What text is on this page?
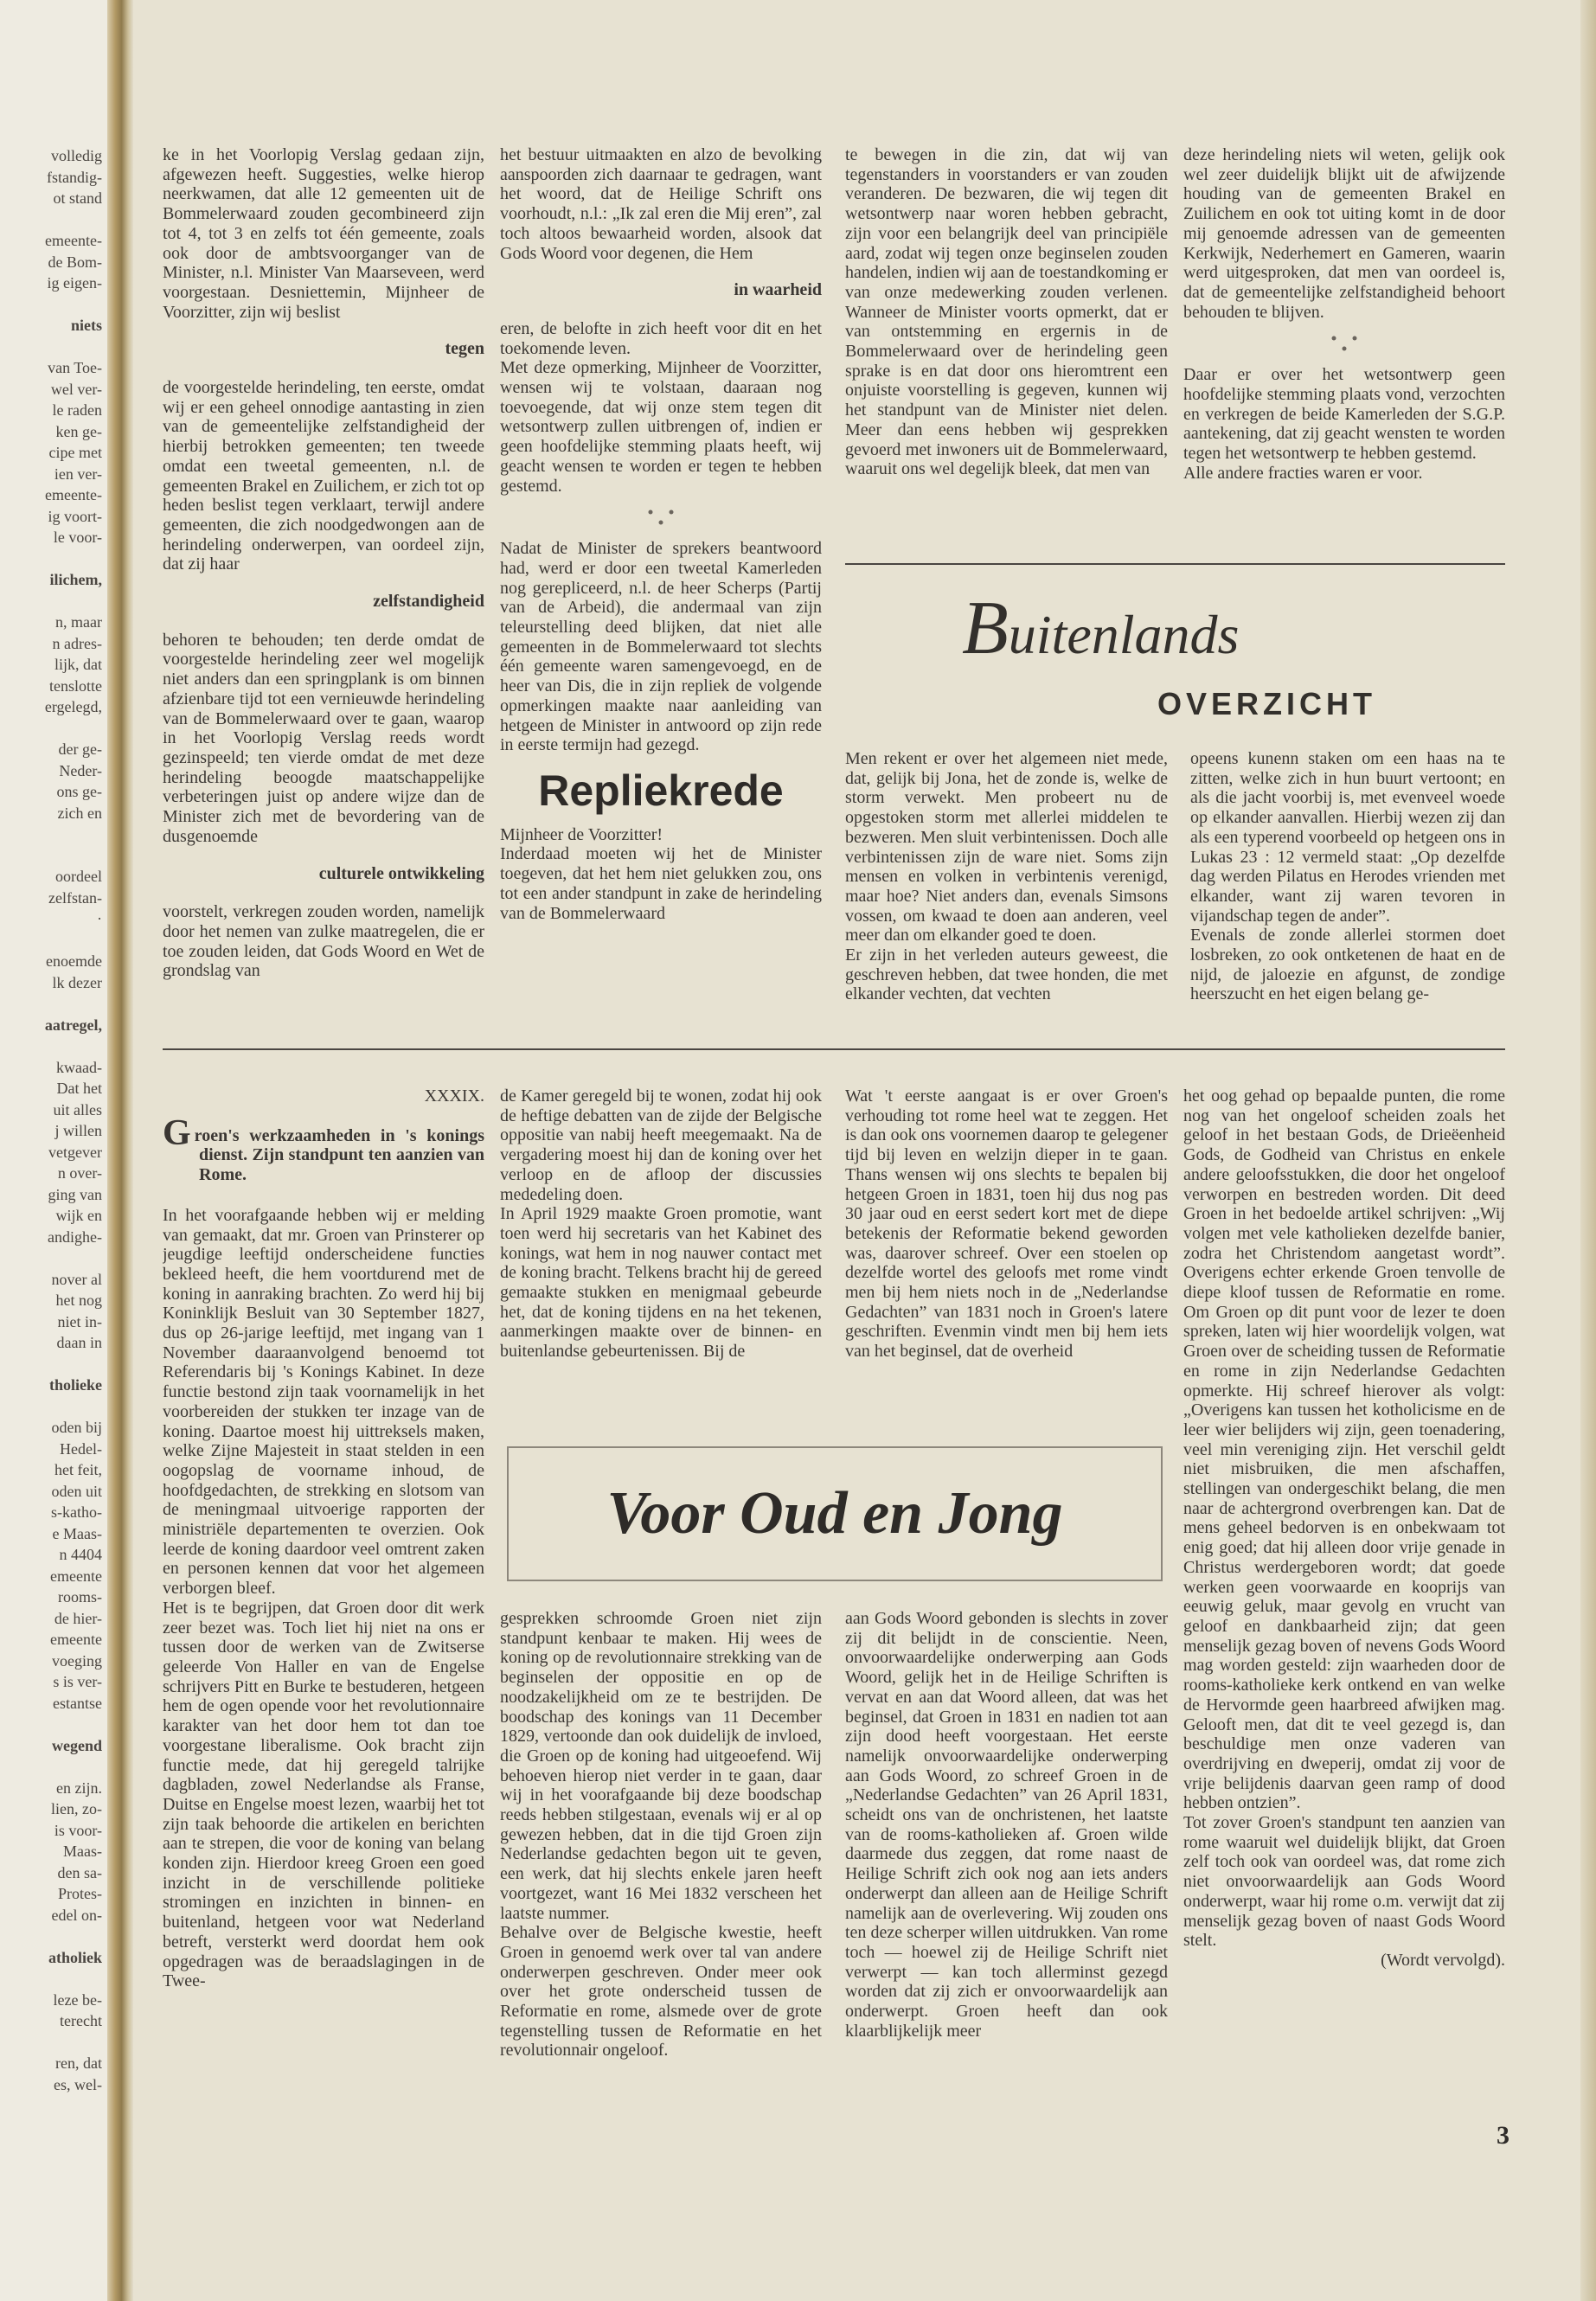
volledig
fstandig-
ot stand
emeente-
de Bom-
ig eigen-
niets
van Toe-
wel ver-
le raden
ken ge-
cipe met
ien ver-
emeente-
ig voort-
le voor-
ilichem,
n, maar
n adres-
lijk, dat
tenslotte
ergelegd,
der ge-
Neder-
ons ge-
zich en
oordeel
zelfstan-
·
enoemde
lk dezer
aatregel,
kwaad-
Dat het
uit alles
j willen
vetgever
n over-
ging van
wijk en
andighe-
nover al
het nog
niet in-
daan in
tholieke
oden bij
Hedel-
het feit,
oden uit
s-katho-
e Maas-
n 4404
emeente
rooms-
de hier-
emeente
voeging
s is ver-
estantse
wegend
en zijn.
lien, zo-
is voor-
Maas-
den sa-
Protes-
edel on-
atholiek
leze be-
terecht
ren, dat
es, wel-

ke in het Voorlopig Verslag gedaan zijn, afgewezen heeft. Suggesties, welke hierop neerkwamen, dat alle 12 gemeenten uit de Bommelerwaard zouden gecombineerd zijn tot 4, tot 3 en zelfs tot één gemeente, zoals ook door de ambtsvoorganger van de Minister, n.l. Minister Van Maarseveen, werd voorgestaan. Desniettemin, Mijnheer de Voorzitter, zijn wij beslist

tegen

de voorgestelde herindeling, ten eerste, omdat wij er een geheel onnodige aantasting in zien van de gemeentelijke zelfstandigheid der hierbij betrokken gemeenten; ten tweede omdat een tweetal gemeenten, n.l. de gemeenten Brakel en Zuilichem, er zich tot op heden beslist tegen verklaart, terwijl andere gemeenten, die zich noodgedwongen aan de herindeling onderwerpen, van oordeel zijn, dat zij haar

zelfstandigheid

behoren te behouden; ten derde omdat de voorgestelde herindeling zeer wel mogelijk niet anders dan een springplank is om binnen afzienbare tijd tot een vernieuwde herindeling van de Bommelerwaard over te gaan, waarop in het Voorlopig Verslag reeds wordt gezinspeeld; ten vierde omdat de met deze herindeling beoogde maatschappelijke verbeteringen juist op andere wijze dan de Minister zich met de bevordering van de dusgenoemde

culturele ontwikkeling

voorstelt, verkregen zouden worden, namelijk door het nemen van zulke maatregelen, die er toe zouden leiden, dat Gods Woord en Wet de grondslag van

het bestuur uitmaakten en alzo de bevolking aanspoorden zich daarnaar te gedragen, want het woord, dat de Heilige Schrift ons voorhoudt, n.l.: „Ik zal eren die Mij eren”, zal toch altoos bewaarheid worden, alsook dat Gods Woord voor degenen, die Hem

in waarheid

eren, de belofte in zich heeft voor dit en het toekomende leven.

Met deze opmerking, Mijnheer de Voorzitter, wensen wij te volstaan, daaraan nog toevoegende, dat wij onze stem tegen dit wetsontwerp zullen uitbrengen of, indien er geen hoofdelijke stemming plaats heeft, wij geacht wensen te worden er tegen te hebben gestemd.

Nadat de Minister de sprekers beantwoord had, werd er door een tweetal Kamerleden nog gerepliceerd, n.l. de heer Scherps (Partij van de Arbeid), die andermaal van zijn teleurstelling deed blijken, dat niet alle gemeenten in de Bommelerwaard tot slechts één gemeente waren samengevoegd, en de heer van Dis, die in zijn repliek de volgende opmerkingen maakte naar aanleiding van hetgeen de Minister in antwoord op zijn rede in eerste termijn had gezegd.

Repliekrede

Mijnheer de Voorzitter!

Inderdaad moeten wij het de Minister toegeven, dat het hem niet gelukken zou, ons tot een ander standpunt in zake de herindeling van de Bommelerwaard

te bewegen in die zin, dat wij van tegenstanders in voorstanders er van zouden veranderen. De bezwaren, die wij tegen dit wetsontwerp naar woren hebben gebracht, zijn voor een belangrijk deel van principiële aard, zodat wij tegen onze beginselen zouden handelen, indien wij aan de toestandkoming er van onze medewerking zouden verlenen. Wanneer de Minister voorts opmerkt, dat er van ontstemming en ergernis in de Bommelerwaard over de herindeling geen sprake is en dat door ons hieromtrent een onjuiste voorstelling is gegeven, kunnen wij het standpunt van de Minister niet delen. Meer dan eens hebben wij gesprekken gevoerd met inwoners uit de Bommelerwaard, waaruit ons wel degelijk bleek, dat men van

deze herindeling niets wil weten, gelijk ook wel zeer duidelijk blijkt uit de afwijzende houding van de gemeenten Brakel en Zuilichem en ook tot uiting komt in de door mij genoemde adressen van de gemeenten Kerkwijk, Nederhemert en Gameren, waarin werd uitgesproken, dat men van oordeel is, dat de gemeentelijke zelfstandigheid behoort behouden te blijven.

Daar er over het wetsontwerp geen hoofdelijke stemming plaats vond, verzochten en verkregen de beide Kamerleden der S.G.P. aantekening, dat zij geacht wensten te worden tegen het wetsontwerp te hebben gestemd.

Alle andere fracties waren er voor.

Buitenlands
OVERZICHT

Men rekent er over het algemeen niet mede, dat, gelijk bij Jona, het de zonde is, welke de storm verwekt. Men probeert nu de opgestoken storm met allerlei middelen te bezweren. Men sluit verbintenissen. Doch alle verbintenissen zijn de ware niet. Soms zijn mensen en volken in verbintenis verenigd, maar hoe? Niet anders dan, evenals Simsons vossen, om kwaad te doen aan anderen, veel meer dan om elkander goed te doen.

Er zijn in het verleden auteurs geweest, die geschreven hebben, dat twee honden, die met elkander vechten, dat vechten

opeens kunenn staken om een haas na te zitten, welke zich in hun buurt vertoont; en als die jacht voorbij is, met evenveel woede op elkander aanvallen. Hierbij wezen zij dan als een typerend voorbeeld op hetgeen ons in Lukas 23 : 12 vermeld staat: „Op dezelfde dag werden Pilatus en Herodes vrienden met elkander, want zij waren tevoren in vijandschap tegen de ander”.

Evenals de zonde allerlei stormen doet losbreken, zo ook ontketenen de haat en de nijd, de jaloezie en afgunst, de zondige heerszucht en het eigen belang ge-

XXXIX.

Groen's werkzaamheden in 's konings dienst. Zijn standpunt ten aanzien van Rome.

In het voorafgaande hebben wij er melding van gemaakt, dat mr. Groen van Prinsterer op jeugdige leeftijd onderscheidene functies bekleed heeft, die hem voortdurend met de koning in aanraking brachten. Zo werd hij bij Koninklijk Besluit van 30 September 1827, dus op 26-jarige leeftijd, met ingang van 1 November daaraanvolgend benoemd tot Referendaris bij 's Konings Kabinet. In deze functie bestond zijn taak voornamelijk in het voorbereiden der stukken ter inzage van de koning. Daartoe moest hij uittreksels maken, welke Zijne Majesteit in staat stelden in een oogopslag de voorname inhoud, de hoofdgedachten, de strekking en slotsom van de meningmaal uitvoerige rapporten der ministriële departementen te overzien. Ook leerde de koning daardoor veel omtrent zaken en personen kennen dat voor het algemeen verborgen bleef.

Het is te begrijpen, dat Groen door dit werk zeer bezet was. Toch liet hij niet na ons er tussen door de werken van de Zwitserse geleerde Von Haller en van de Engelse schrijvers Pitt en Burke te bestuderen, hetgeen hem de ogen opende voor het revolutionnaire karakter van het door hem tot dan toe voorgestane liberalisme. Ook bracht zijn functie mede, dat hij geregeld talrijke dagbladen, zowel Nederlandse als Franse, Duitse en Engelse moest lezen, waarbij het tot zijn taak behoorde die artikelen en berichten aan te strepen, die voor de koning van belang konden zijn. Hierdoor kreeg Groen een goed inzicht in de verschillende politieke stromingen en inzichten in binnen- en buitenland, hetgeen voor wat Nederland betreft, versterkt werd doordat hem ook opgedragen was de beraadslagingen in de Twee-

de Kamer geregeld bij te wonen, zodat hij ook de heftige debatten van de zijde der Belgische oppositie van nabij heeft meegemaakt. Na de vergadering moest hij dan de koning over het verloop en de afloop der discussies mededeling doen.

In April 1929 maakte Groen promotie, want toen werd hij secretaris van het Kabinet des konings, wat hem in nog nauwer contact met de koning bracht. Telkens bracht hij de gereed gemaakte stukken en menigmaal gebeurde het, dat de koning tijdens en na het tekenen, aanmerkingen maakte over de binnen- en buitenlandse gebeurtenissen. Bij de

Wat 't eerste aangaat is er over Groen's verhouding tot rome heel wat te zeggen. Het is dan ook ons voornemen daarop te gelegener tijd bij leven en welzijn dieper in te gaan. Thans wensen wij ons slechts te bepalen bij hetgeen Groen in 1831, toen hij dus nog pas 30 jaar oud en eerst sedert kort met de diepe betekenis der Reformatie bekend geworden was, daarover schreef. Over een stoelen op dezelfde wortel des geloofs met rome vindt men bij hem niets noch in de „Nederlandse Gedachten” van 1831 noch in Groen's latere geschriften. Evenmin vindt men bij hem iets van het beginsel, dat de overheid

Voor Oud en Jong

gesprekken schroomde Groen niet zijn standpunt kenbaar te maken. Hij wees de koning op de revolutionnaire strekking van de beginselen der oppositie en op de noodzakelijkheid om ze te bestrijden. De boodschap des konings van 11 December 1829, vertoonde dan ook duidelijk de invloed, die Groen op de koning had uitgeoefend. Wij behoeven hierop niet verder in te gaan, daar wij in het voorafgaande bij deze boodschap reeds hebben stilgestaan, evenals wij er al op gewezen hebben, dat in die tijd Groen zijn Nederlandse gedachten begon uit te geven, een werk, dat hij slechts enkele jaren heeft voortgezet, want 16 Mei 1832 verscheen het laatste nummer.

Behalve over de Belgische kwestie, heeft Groen in genoemd werk over tal van andere onderwerpen geschreven. Onder meer ook over het grote onderscheid tussen de Reformatie en rome, alsmede over de grote tegenstelling tussen de Reformatie en het revolutionnair ongeloof.

aan Gods Woord gebonden is slechts in zover zij dit belijdt in de conscientie. Neen, onvoorwaardelijke onderwerping aan Gods Woord, gelijk het in de Heilige Schriften is vervat en aan dat Woord alleen, dat was het beginsel, dat Groen in 1831 en nadien tot aan zijn dood heeft voorgestaan. Het eerste namelijk onvoorwaardelijke onderwerping aan Gods Woord, zo schreef Groen in de „Nederlandse Gedachten” van 26 April 1831, scheidt ons van de onchristenen, het laatste van de rooms-katholieken af. Groen wilde daarmede dus zeggen, dat rome naast de Heilige Schrift zich ook nog aan iets anders onderwerpt dan alleen aan de Heilige Schrift namelijk aan de overlevering. Wij zouden ons ten deze scherper willen uitdrukken. Van rome toch — hoewel zij de Heilige Schrift niet verwerpt — kan toch allerminst gezegd worden dat zij zich er onvoorwaardelijk aan onderwerpt. Groen heeft dan ook klaarblijkelijk meer

het oog gehad op bepaalde punten, die rome nog van het ongeloof scheiden zoals het geloof in het bestaan Gods, de Drieëenheid Gods, de Godheid van Christus en enkele andere geloofsstukken, die door het ongeloof verworpen en bestreden worden. Dit deed Groen in het bedoelde artikel schrijven: „Wij volgen met vele katholieken dezelfde banier, zodra het Christendom aangetast wordt”. Overigens echter erkende Groen tenvolle de diepe kloof tussen de Reformatie en rome. Om Groen op dit punt voor de lezer te doen spreken, laten wij hier woordelijk volgen, wat Groen over de scheiding tussen de Reformatie en rome in zijn Nederlandse Gedachten opmerkte. Hij schreef hierover als volgt: „Overigens kan tussen het kotholicisme en de leer wier belijders wij zijn, geen toenadering, veel min vereniging zijn. Het verschil geldt niet misbruiken, die men afschaffen, stellingen van ondergeschikt belang, die men naar de achtergrond overbrengen kan. Dat de mens geheel bedorven is en onbekwaam tot enig goed; dat hij alleen door vrije genade in Christus werdergeboren wordt; dat goede werken geen voorwaarde en kooprijs van eeuwig geluk, maar gevolg en vrucht van geloof en dankbaarheid zijn; dat geen menselijk gezag boven of nevens Gods Woord mag worden gesteld: zijn waarheden door de rooms-katholieke kerk ontkend en van welke de Hervormde geen haarbreed afwijken mag. Gelooft men, dat dit te veel gezegd is, dan beschuldige men onze vaderen van overdrijving en dweperij, omdat zij voor de vrije belijdenis daarvan geen ramp of dood hebben ontzien”.

Tot zover Groen's standpunt ten aanzien van rome waaruit wel duidelijk blijkt, dat Groen zelf toch ook van oordeel was, dat rome zich niet onvoorwaardelijk aan Gods Woord onderwerpt, waar hij rome o.m. verwijt dat zij menselijk gezag boven of naast Gods Woord stelt.

(Wordt vervolgd).

3
